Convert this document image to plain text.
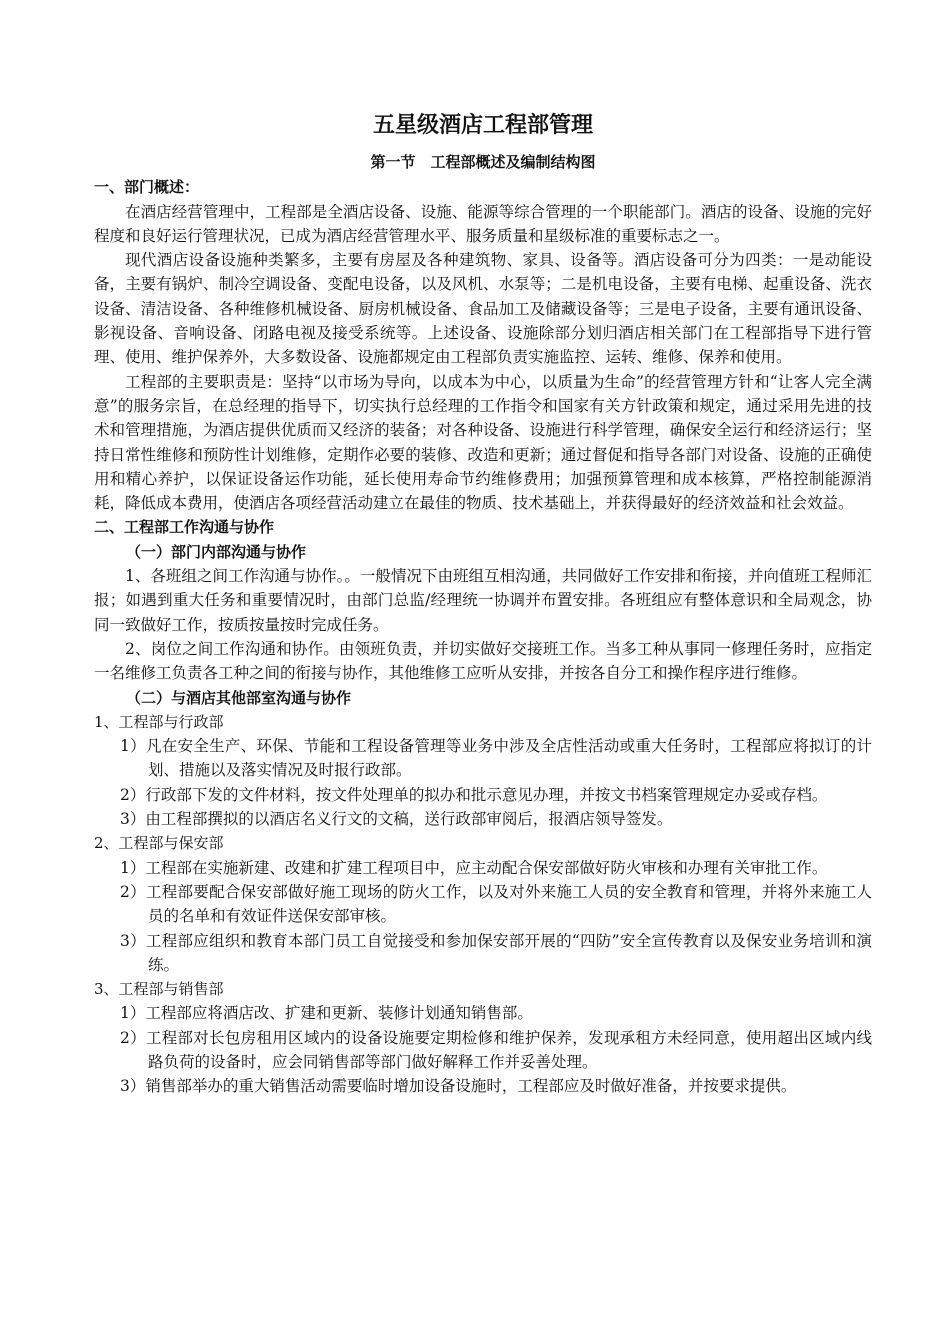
五星级酒店工程部管理
第一节　工程部概述及编制结构图
一、部门概述：

在酒店经营管理中，工程部是全酒店设备、设施、能源等综合管理的一个职能部门。酒店的设备、设施的完好程度和良好运行管理状况，已成为酒店经营管理水平、服务质量和星级标准的重要标志之一。

现代酒店设备设施种类繁多，主要有房屋及各种建筑物、家具、设备等。酒店设备可分为四类：一是动能设备，主要有锅炉、制冷空调设备、变配电设备，以及风机、水泵等；二是机电设备，主要有电梯、起重设备、洗衣设备、清洁设备、各种维修机械设备、厨房机械设备、食品加工及储藏设备等；三是电子设备，主要有通讯设备、影视设备、音响设备、闭路电视及接受系统等。上述设备、设施除部分划归酒店相关部门在工程部指导下进行管理、使用、维护保养外，大多数设备、设施都规定由工程部负责实施监控、运转、维修、保养和使用。

工程部的主要职责是：坚持“以市场为导向，以成本为中心，以质量为生命”的经营管理方针和“让客人完全满意”的服务宗旨，在总经理的指导下，切实执行总经理的工作指令和国家有关方针政策和规定，通过采用先进的技术和管理措施，为酒店提供优质而又经济的装备；对各种设备、设施进行科学管理，确保安全运行和经济运行；坚持日常性维修和预防性计划维修，定期作必要的装修、改造和更新；通过督促和指导各部门对设备、设施的正确使用和精心养护，以保证设备运作功能，延长使用寿命节约维修费用；加强预算管理和成本核算，严格控制能源消耗，降低成本费用，使酒店各项经营活动建立在最佳的物质、技术基础上，并获得最好的经济效益和社会效益。

二、工程部工作沟通与协作
（一）部门内部沟通与协作

1、各班组之间工作沟通与协作。。一般情况下由班组互相沟通，共同做好工作安排和衔接，并向值班工程师汇报；如遇到重大任务和重要情况时，由部门总监/经理统一协调并布置安排。各班组应有整体意识和全局观念，协同一致做好工作，按质按量按时完成任务。

2、岗位之间工作沟通和协作。由领班负责，并切实做好交接班工作。当多工种从事同一修理任务时，应指定一名维修工负责各工种之间的衔接与协作，其他维修工应听从安排，并按各自分工和操作程序进行维修。

（二）与酒店其他部室沟通与协作
1、工程部与行政部

1）凡在安全生产、环保、节能和工程设备管理等业务中涉及全店性活动或重大任务时，工程部应将拟订的计划、措施以及落实情况及时报行政部。

2）行政部下发的文件材料，按文件处理单的拟办和批示意见办理，并按文书档案管理规定办妥或存档。

3）由工程部撰拟的以酒店名义行文的文稿，送行政部审阅后，报酒店领导签发。

2、工程部与保安部

1）工程部在实施新建、改建和扩建工程项目中，应主动配合保安部做好防火审核和办理有关审批工作。

2）工程部要配合保安部做好施工现场的防火工作，以及对外来施工人员的安全教育和管理，并将外来施工人员的名单和有效证件送保安部审核。

3）工程部应组织和教育本部门员工自觉接受和参加保安部开展的“四防”安全宣传教育以及保安业务培训和演练。

3、工程部与销售部

1）工程部应将酒店改、扩建和更新、装修计划通知销售部。

2）工程部对长包房租用区域内的设备设施要定期检修和维护保养，发现承租方未经同意，使用超出区域内线路负荷的设备时，应会同销售部等部门做好解释工作并妥善处理。

3）销售部举办的重大销售活动需要临时增加设备设施时，工程部应及时做好准备，并按要求提供。
